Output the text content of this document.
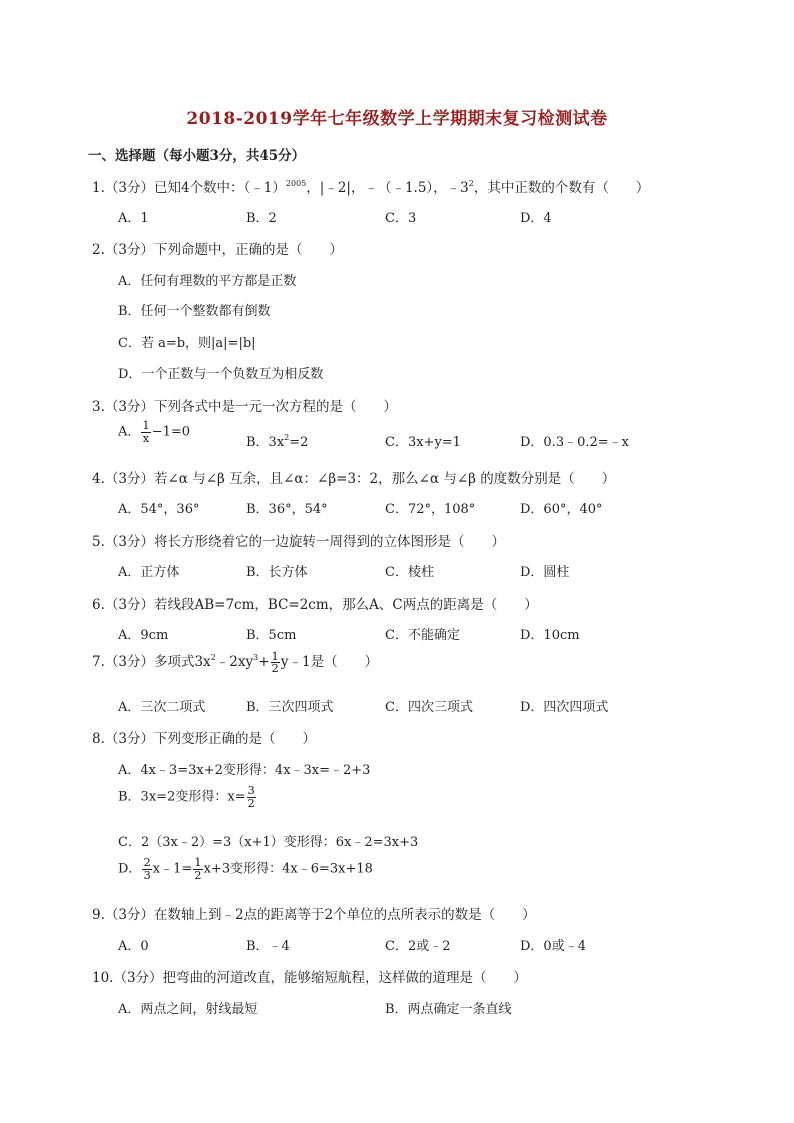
2018-2019学年七年级数学上学期期末复习检测试卷
一、选择题（每小题3分，共45分）
1.（3分）已知4个数中：（﹣1）$^{2005}$，|﹣2|，﹣（﹣1.5），$﹣3^2$，其中正数的个数有（　　）
A．1	B．2	C．3	D．4
2.（3分）下列命题中，正确的是（　　）
A．任何有理数的平方都是正数
B．任何一个整数都有倒数
C．若 a=b，则|a|=|b|
D．一个正数与一个负数互为相反数
3.（3分）下列各式中是一元一次方程的是（　　）
A． $\frac{1}{x} -1=0$
B．$3x^2=2$	C．3x+y=1	D．0.3﹣0.2=﹣x
4.（3分）若∠α 与∠β 互余，且∠α：∠β=3：2，那么∠α 与∠β 的度数分别是（　　）
A．54°，36°	B．36°，54°	C．72°，108°	D．60°，40°
5.（3分）将长方形绕着它的一边旋转一周得到的立体图形是（　　）
A．正方体	B．长方体	C．棱柱	D．圆柱
6.（3分）若线段AB=7cm，BC=2cm，那么A、C两点的距离是（　　）
A．9cm	B．5cm	C．不能确定	D．10cm
7.（3分）多项式$3x^2﹣2xy^3+ \frac{1}{2}$ y﹣1是（　　）
A．三次二项式	B．三次四项式	C．四次三项式	D．四次四项式
8.（3分）下列变形正确的是（　　）
A．4x﹣3=3x+2变形得：4x﹣3x=﹣2+3
B．3x=2变形得：$x= \frac{3}{2}$
C．2（3x﹣2）=3（x+1）变形得：6x﹣2=3x+3
D． $\frac{2}{3}$ x﹣1= $\frac{1}{2} x+3$变形得：4x﹣6=3x+18
9.（3分）在数轴上到﹣2点的距离等于2个单位的点所表示的数是（　　）
A．0	B．﹣4	C．2或﹣2	D．0或﹣4
10.（3分）把弯曲的河道改直，能够缩短航程，这样做的道理是（　　）
A．两点之间，射线最短	B．两点确定一条直线
